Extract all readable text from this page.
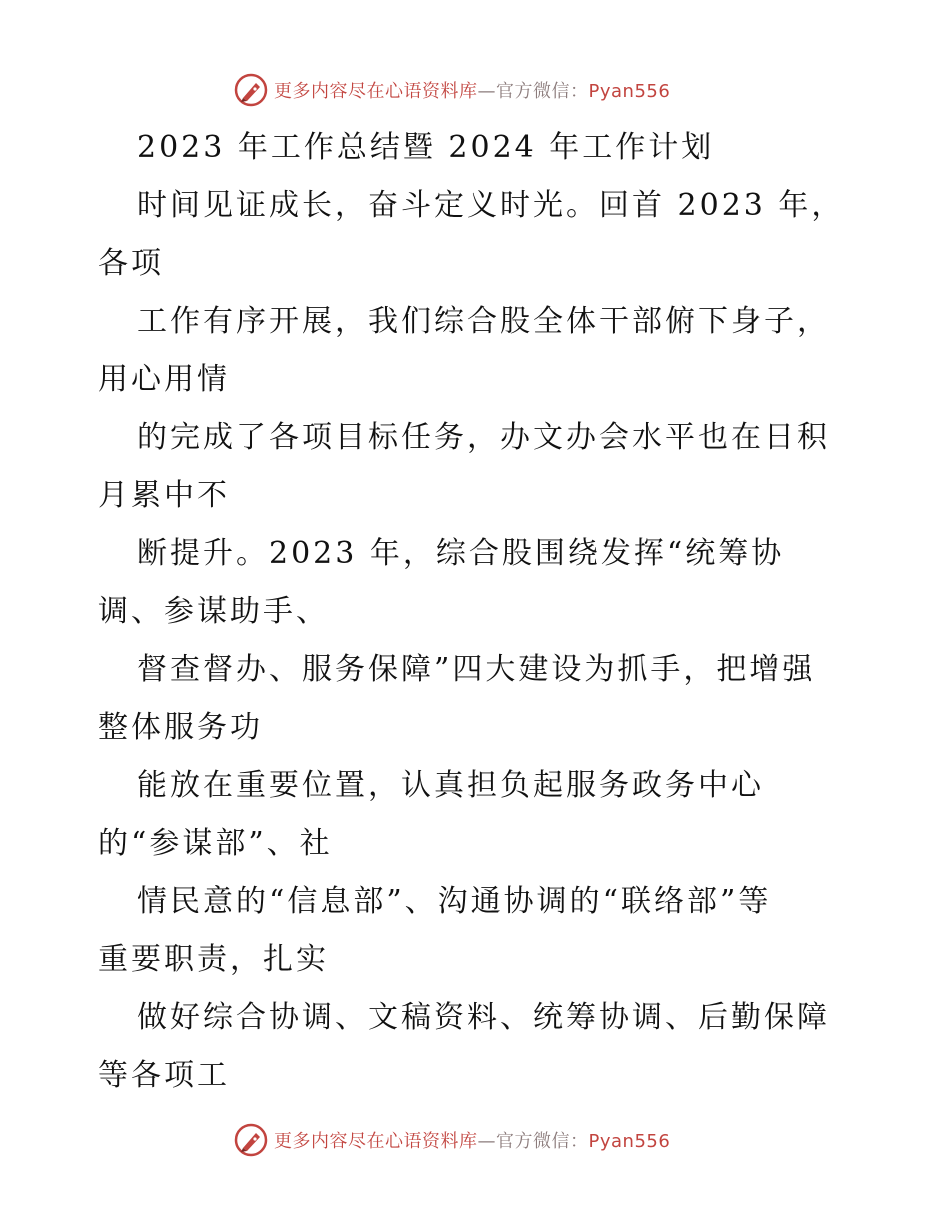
更多内容尽在心语资料库—官方微信：Pyan556
2023 年工作总结暨 2024 年工作计划
时间见证成长，奋斗定义时光。回首 2023 年，
各项
工作有序开展，我们综合股全体干部俯下身子，
用心用情
的完成了各项目标任务，办文办会水平也在日积
月累中不
断提升。2023 年，综合股围绕发挥“统筹协
调、参谋助手、
督查督办、服务保障”四大建设为抓手，把增强
整体服务功
能放在重要位置，认真担负起服务政务中心
的“参谋部”、社
情民意的“信息部”、沟通协调的“联络部”等
重要职责，扎实
做好综合协调、文稿资料、统筹协调、后勤保障
等各项工
更多内容尽在心语资料库—官方微信：Pyan556
